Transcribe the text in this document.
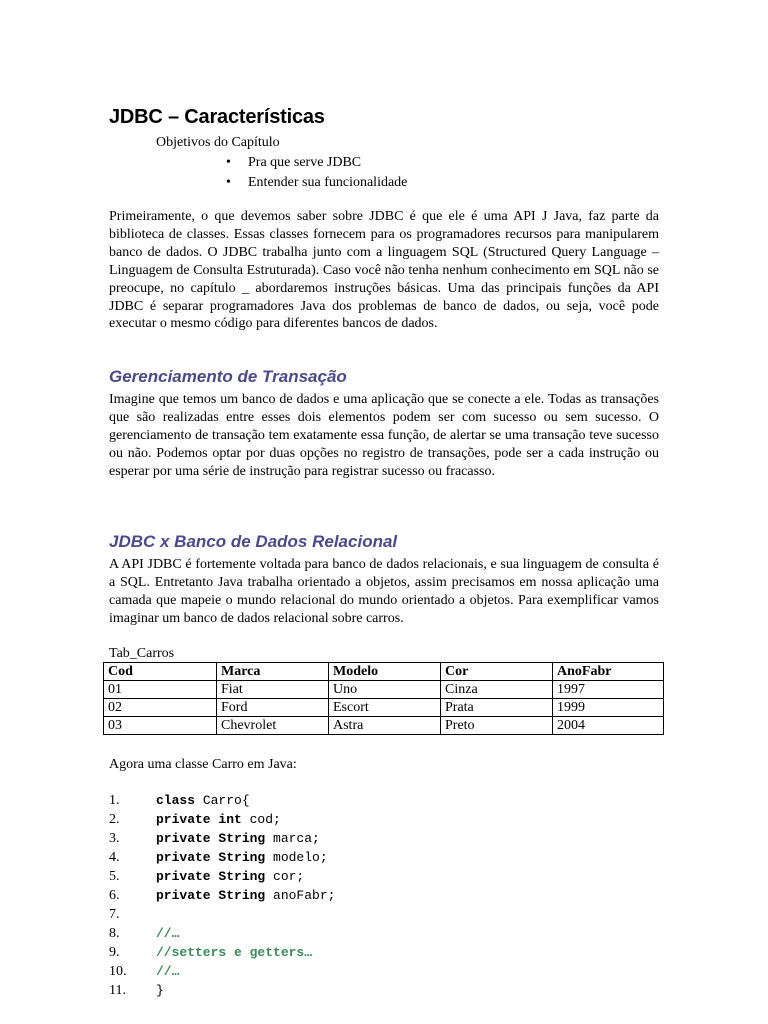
JDBC – Características
Objetivos do Capítulo
• Pra que serve JDBC
• Entender sua funcionalidade

Primeiramente, o que devemos saber sobre JDBC é que ele é uma API J Java, faz parte da biblioteca de classes. Essas classes fornecem para os programadores recursos para manipularem banco de dados. O JDBC trabalha junto com a linguagem SQL (Structured Query Language – Linguagem de Consulta Estruturada). Caso você não tenha nenhum conhecimento em SQL não se preocupe, no capítulo _ abordaremos instruções básicas. Uma das principais funções da API JDBC é separar programadores Java dos problemas de banco de dados, ou seja, você pode executar o mesmo código para diferentes bancos de dados.

Gerenciamento de Transação

Imagine que temos um banco de dados e uma aplicação que se conecte a ele. Todas as transações que são realizadas entre esses dois elementos podem ser com sucesso ou sem sucesso. O gerenciamento de transação tem exatamente essa função, de alertar se uma transação teve sucesso ou não. Podemos optar por duas opções no registro de transações, pode ser a cada instrução ou esperar por uma série de instrução para registrar sucesso ou fracasso.

JDBC x Banco de Dados Relacional

A API JDBC é fortemente voltada para banco de dados relacionais, e sua linguagem de consulta é a SQL. Entretanto Java trabalha orientado a objetos, assim precisamos em nossa aplicação uma camada que mapeie o mundo relacional do mundo orientado a objetos. Para exemplificar vamos imaginar um banco de dados relacional sobre carros.

Tab_Carros
Cod	Marca	Modelo	Cor	AnoFabr
01	Fiat	Uno	Cinza	1997
02	Ford	Escort	Prata	1999
03	Chevrolet	Astra	Preto	2004
Agora uma classe Carro em Java:
1.	class Carro{
2.	private int cod;
3.	private String marca;
4.	private String modelo;
5.	private String cor;
6.	private String anoFabr;
7.
8.	//…
9.	//setters e getters…
10. //…
11. }
